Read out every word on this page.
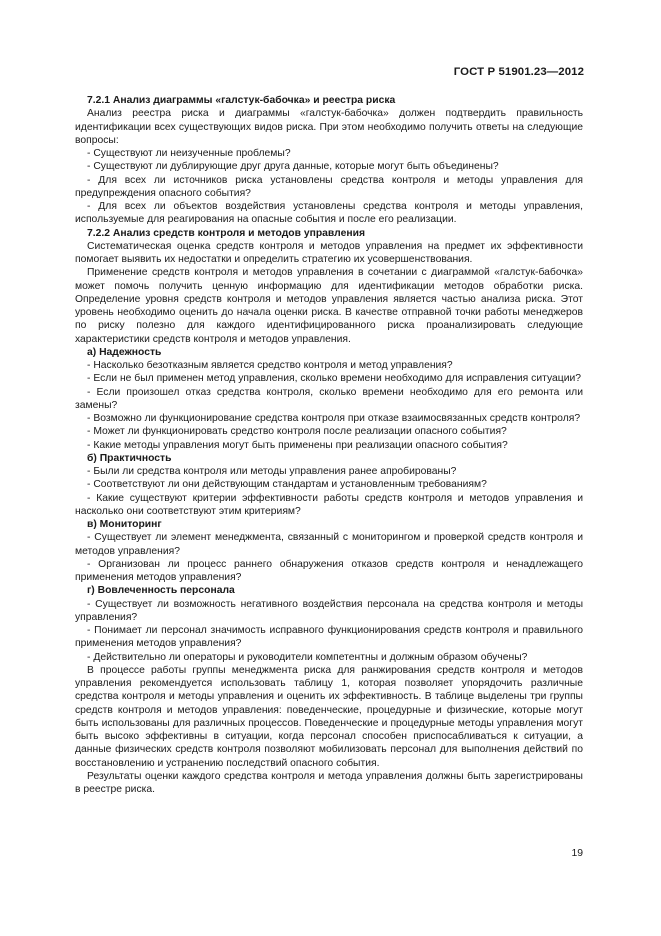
ГОСТ Р 51901.23—2012

7.2.1 Анализ диаграммы «галстук-бабочка» и реестра риска

Анализ реестра риска и диаграммы «галстук-бабочка» должен подтвердить правильность идентификации всех существующих видов риска. При этом необходимо получить ответы на следующие вопросы:

- Существуют ли неизученные проблемы?

- Существуют ли дублирующие друг друга данные, которые могут быть объединены?

- Для всех ли источников риска установлены средства контроля и методы управления для предупреждения опасного события?

- Для всех ли объектов воздействия установлены средства контроля и методы управления, используемые для реагирования на опасные события и после его реализации.

7.2.2 Анализ средств контроля и методов управления

Систематическая оценка средств контроля и методов управления на предмет их эффективности помогает выявить их недостатки и определить стратегию их усовершенствования.

Применение средств контроля и методов управления в сочетании с диаграммой «галстук-бабочка» может помочь получить ценную информацию для идентификации методов обработки риска. Определение уровня средств контроля и методов управления является частью анализа риска. Этот уровень необходимо оценить до начала оценки риска. В качестве отправной точки работы менеджеров по риску полезно для каждого идентифицированного риска проанализировать следующие характеристики средств контроля и методов управления.

а) Надежность

- Насколько безотказным является средство контроля и метод управления?

- Если не был применен метод управления, сколько времени необходимо для исправления ситуации?

- Если произошел отказ средства контроля, сколько времени необходимо для его ремонта или замены?

- Возможно ли функционирование средства контроля при отказе взаимосвязанных средств контроля?

- Может ли функционировать средство контроля после реализации опасного события?

- Какие методы управления могут быть применены при реализации опасного события?

б) Практичность

- Были ли средства контроля или методы управления ранее апробированы?

- Соответствуют ли они действующим стандартам и установленным требованиям?

- Какие существуют критерии эффективности работы средств контроля и методов управления и насколько они соответствуют этим критериям?

в) Мониторинг

- Существует ли элемент менеджмента, связанный с мониторингом и проверкой средств контроля и методов управления?

- Организован ли процесс раннего обнаружения отказов средств контроля и ненадлежащего применения методов управления?

г) Вовлеченность персонала

- Существует ли возможность негативного воздействия персонала на средства контроля и методы управления?

- Понимает ли персонал значимость исправного функционирования средств контроля и правильного применения методов управления?

- Действительно ли операторы и руководители компетентны и должным образом обучены?

В процессе работы группы менеджмента риска для ранжирования средств контроля и методов управления рекомендуется использовать таблицу 1, которая позволяет упорядочить различные средства контроля и методы управления и оценить их эффективность. В таблице выделены три группы средств контроля и методов управления: поведенческие, процедурные и физические, которые могут быть использованы для различных процессов. Поведенческие и процедурные методы управления могут быть высоко эффективны в ситуации, когда персонал способен приспосабливаться к ситуации, а данные физических средств контроля позволяют мобилизовать персонал для выполнения действий по восстановлению и устранению последствий опасного события.

Результаты оценки каждого средства контроля и метода управления должны быть зарегистрированы в реестре риска.

19
